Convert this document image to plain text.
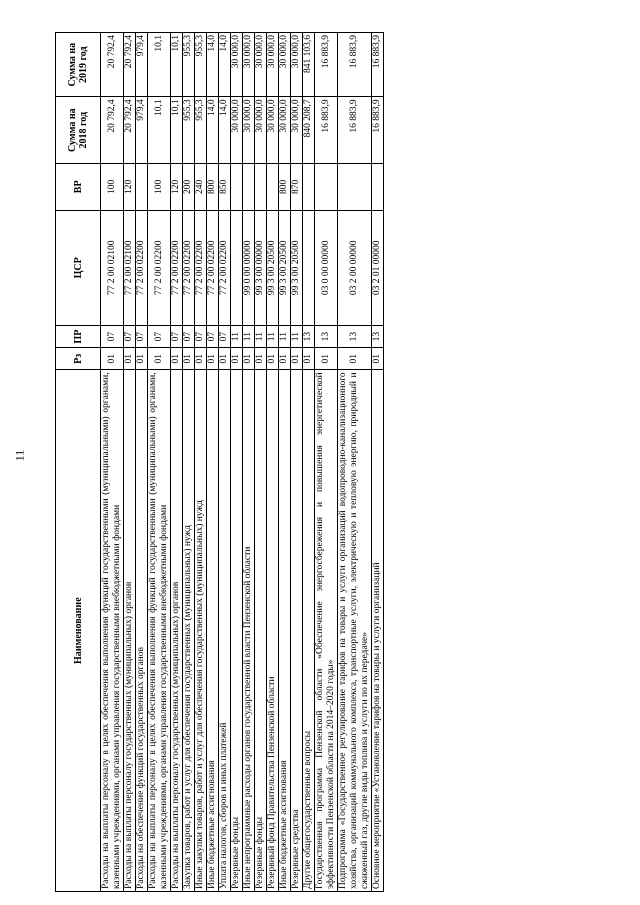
11
Наименование	Рз	ПР	ЦСР	ВР	Сумма на 2018 год	Сумма на 2019 год
Расходы на выплаты персоналу в целях обеспечения выполнения функций государственными (муниципальными) органами, казенными учреждениями, органами управления государственными внебюджетными фондами	01	07	77 2 00 02100	100	20 792,4	20 792,4
Расходы на выплаты персоналу государственных (муниципальных) органов	01	07	77 2 00 02100	120	20 792,4	20 792,4
Расходы на обеспечение функций государственных органов	01	07	77 2 00 02200		979,4	979,4
Расходы на выплаты персоналу в целях обеспечения выполнения функций государственными (муниципальными) органами, казенными учреждениями, органами управления государственными внебюджетными фондами	01	07	77 2 00 02200	100	10,1	10,1
Расходы на выплаты персоналу государственных (муниципальных) органов	01	07	77 2 00 02200	120	10,1	10,1
Закупка товаров, работ и услуг для обеспечения государственных (муниципальных) нужд	01	07	77 2 00 02200	200	955,3	955,3
Иные закупки товаров, работ и услуг для обеспечения государственных (муниципальных) нужд	01	07	77 2 00 02200	240	955,3	955,3
Иные бюджетные ассигнования	01	07	77 2 00 02200	800	14,0	14,0
Уплата налогов, сборов и иных платежей	01	07	77 2 00 02200	850	14,0	14,0
Резервные фонды	01	11			30 000,0	30 000,0
Иные непрограммные расходы органов государственной власти Пензенской области	01	11	99 0 00 00000		30 000,0	30 000,0
Резервные фонды	01	11	99 3 00 00000		30 000,0	30 000,0
Резервный фонд Правительства Пензенской области	01	11	99 3 00 20500		30 000,0	30 000,0
Иные бюджетные ассигнования	01	11	99 3 00 20500	800	30 000,0	30 000,0
Резервные средства	01	11	99 3 00 20500	870	30 000,0	30 000,0
Другие общегосударственные вопросы	01	13			840 208,7	841 103,6
Государственная программа Пензенской области «Обеспечение энергосбережения и повышения энергетической эффективности Пензенской области на 2014–2020 годы»	01	13	03 0 00 00000		16 883,9	16 883,9
Подпрограмма «Государственное регулирование тарифов на товары и услуги организаций водопроводно-канализационного хозяйства, организаций коммунального комплекса, транспортные услуги, электрическую и тепловую энергию, природный и сжиженный газ, другие виды топлива и услуги по их передаче»	01	13	03 2 00 00000		16 883,9	16 883,9
Основное мероприятие «Установление тарифов на товары и услуги организаций	01	13	03 2 01 00000		16 883,9	16 883,9
